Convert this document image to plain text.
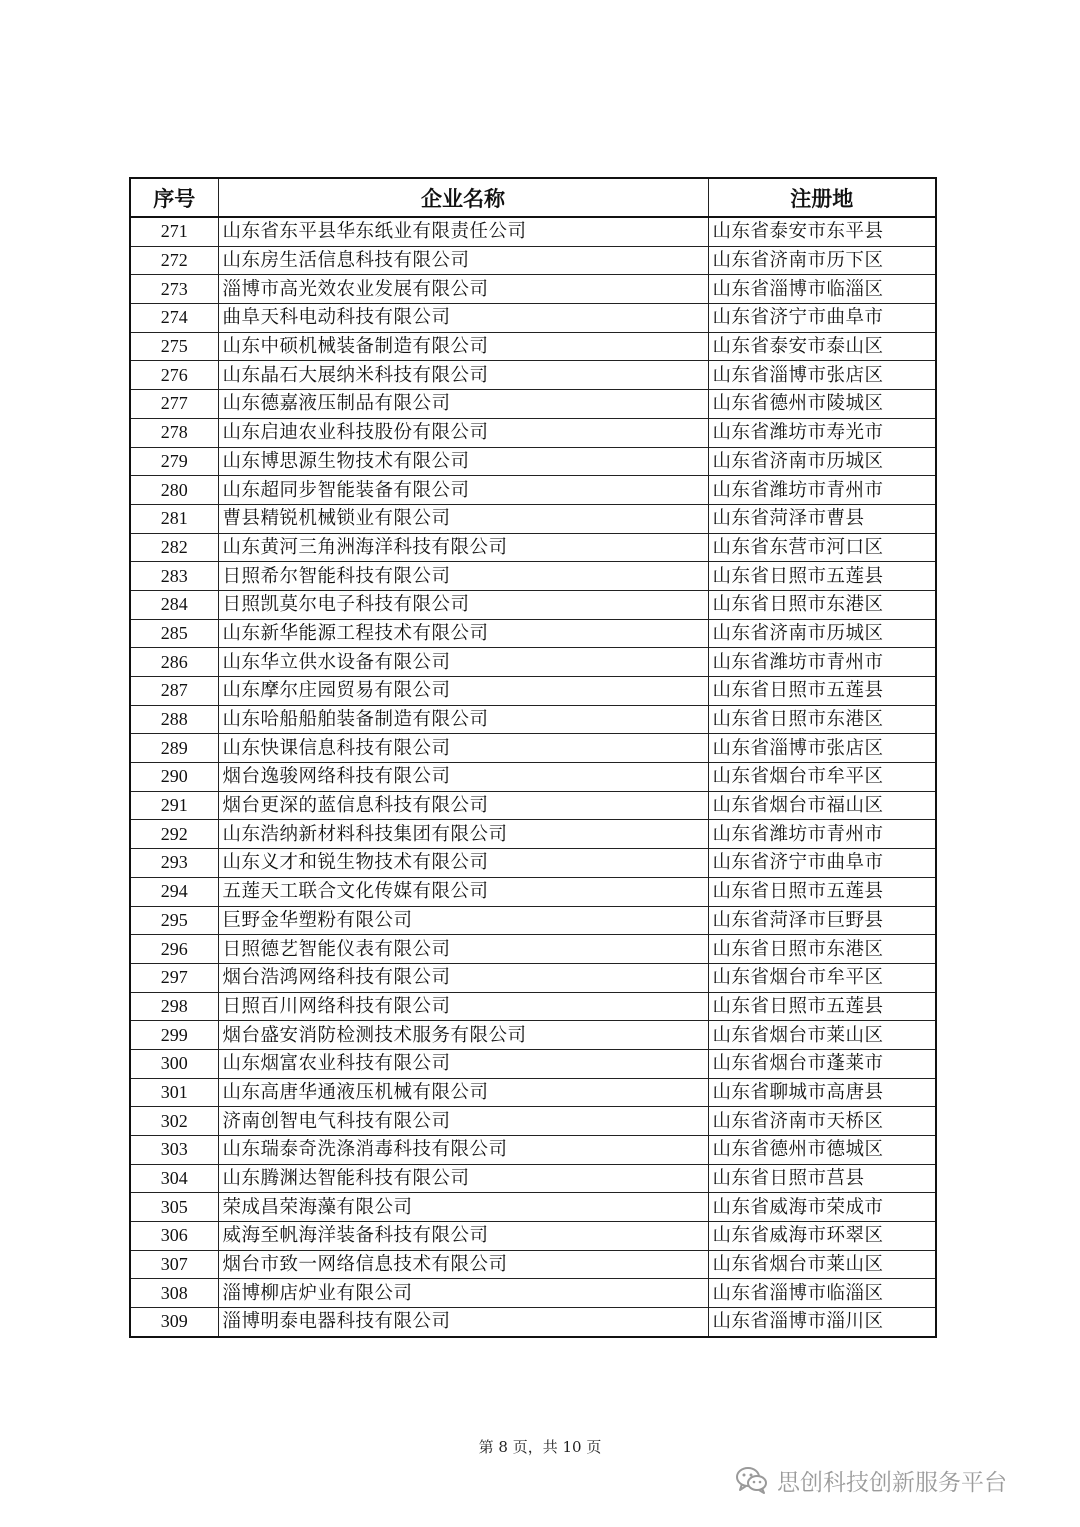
序号	企业名称	注册地
271	山东省东平县华东纸业有限责任公司	山东省泰安市东平县
272	山东房生活信息科技有限公司	山东省济南市历下区
273	淄博市高光效农业发展有限公司	山东省淄博市临淄区
274	曲阜天科电动科技有限公司	山东省济宁市曲阜市
275	山东中硕机械装备制造有限公司	山东省泰安市泰山区
276	山东晶石大展纳米科技有限公司	山东省淄博市张店区
277	山东德嘉液压制品有限公司	山东省德州市陵城区
278	山东启迪农业科技股份有限公司	山东省潍坊市寿光市
279	山东博思源生物技术有限公司	山东省济南市历城区
280	山东超同步智能装备有限公司	山东省潍坊市青州市
281	曹县精锐机械锁业有限公司	山东省菏泽市曹县
282	山东黄河三角洲海洋科技有限公司	山东省东营市河口区
283	日照希尔智能科技有限公司	山东省日照市五莲县
284	日照凯莫尔电子科技有限公司	山东省日照市东港区
285	山东新华能源工程技术有限公司	山东省济南市历城区
286	山东华立供水设备有限公司	山东省潍坊市青州市
287	山东摩尔庄园贸易有限公司	山东省日照市五莲县
288	山东哈船船舶装备制造有限公司	山东省日照市东港区
289	山东快课信息科技有限公司	山东省淄博市张店区
290	烟台逸骏网络科技有限公司	山东省烟台市牟平区
291	烟台更深的蓝信息科技有限公司	山东省烟台市福山区
292	山东浩纳新材料科技集团有限公司	山东省潍坊市青州市
293	山东义才和锐生物技术有限公司	山东省济宁市曲阜市
294	五莲天工联合文化传媒有限公司	山东省日照市五莲县
295	巨野金华塑粉有限公司	山东省菏泽市巨野县
296	日照德艺智能仪表有限公司	山东省日照市东港区
297	烟台浩鸿网络科技有限公司	山东省烟台市牟平区
298	日照百川网络科技有限公司	山东省日照市五莲县
299	烟台盛安消防检测技术服务有限公司	山东省烟台市莱山区
300	山东烟富农业科技有限公司	山东省烟台市蓬莱市
301	山东高唐华通液压机械有限公司	山东省聊城市高唐县
302	济南创智电气科技有限公司	山东省济南市天桥区
303	山东瑞泰奇洗涤消毒科技有限公司	山东省德州市德城区
304	山东腾渊达智能科技有限公司	山东省日照市莒县
305	荣成昌荣海藻有限公司	山东省威海市荣成市
306	威海至帆海洋装备科技有限公司	山东省威海市环翠区
307	烟台市致一网络信息技术有限公司	山东省烟台市莱山区
308	淄博柳店炉业有限公司	山东省淄博市临淄区
309	淄博明泰电器科技有限公司	山东省淄博市淄川区
第 8 页，共 10 页
思创科技创新服务平台
